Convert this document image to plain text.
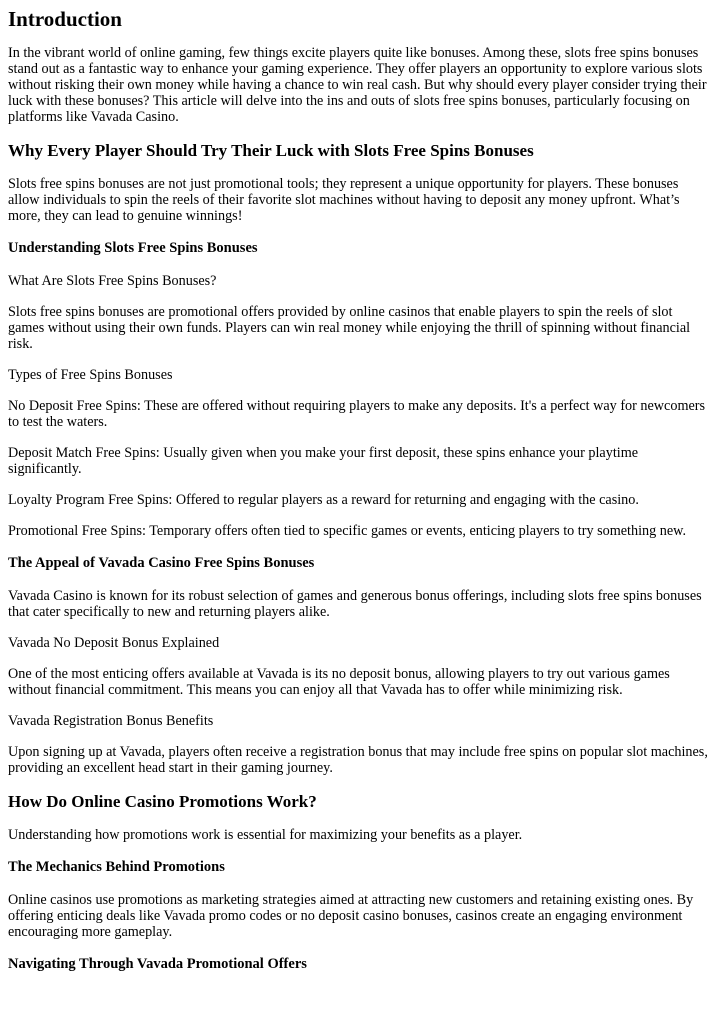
Introduction

In the vibrant world of online gaming, few things excite players quite like bonuses. Among these, slots free spins bonuses stand out as a fantastic way to enhance your gaming experience. They offer players an opportunity to explore various slots without risking their own money while having a chance to win real cash. But why should every player consider trying their luck with these bonuses? This article will delve into the ins and outs of slots free spins bonuses, particularly focusing on platforms like Vavada Casino.

Why Every Player Should Try Their Luck with Slots Free Spins Bonuses

Slots free spins bonuses are not just promotional tools; they represent a unique opportunity for players. These bonuses allow individuals to spin the reels of their favorite slot machines without having to deposit any money upfront. What’s more, they can lead to genuine winnings!

Understanding Slots Free Spins Bonuses

What Are Slots Free Spins Bonuses?

Slots free spins bonuses are promotional offers provided by online casinos that enable players to spin the reels of slot games without using their own funds. Players can win real money while enjoying the thrill of spinning without financial risk.

Types of Free Spins Bonuses

No Deposit Free Spins: These are offered without requiring players to make any deposits. It's a perfect way for newcomers to test the waters.

Deposit Match Free Spins: Usually given when you make your first deposit, these spins enhance your playtime significantly.

Loyalty Program Free Spins: Offered to regular players as a reward for returning and engaging with the casino.

Promotional Free Spins: Temporary offers often tied to specific games or events, enticing players to try something new.

The Appeal of Vavada Casino Free Spins Bonuses

Vavada Casino is known for its robust selection of games and generous bonus offerings, including slots free spins bonuses that cater specifically to new and returning players alike.

Vavada No Deposit Bonus Explained

One of the most enticing offers available at Vavada is its no deposit bonus, allowing players to try out various games without financial commitment. This means you can enjoy all that Vavada has to offer while minimizing risk.

Vavada Registration Bonus Benefits

Upon signing up at Vavada, players often receive a registration bonus that may include free spins on popular slot machines, providing an excellent head start in their gaming journey.

How Do Online Casino Promotions Work?

Understanding how promotions work is essential for maximizing your benefits as a player.

The Mechanics Behind Promotions

Online casinos use promotions as marketing strategies aimed at attracting new customers and retaining existing ones. By offering enticing deals like Vavada promo codes or no deposit casino bonuses, casinos create an engaging environment encouraging more gameplay.

Navigating Through Vavada Promotional Offers
